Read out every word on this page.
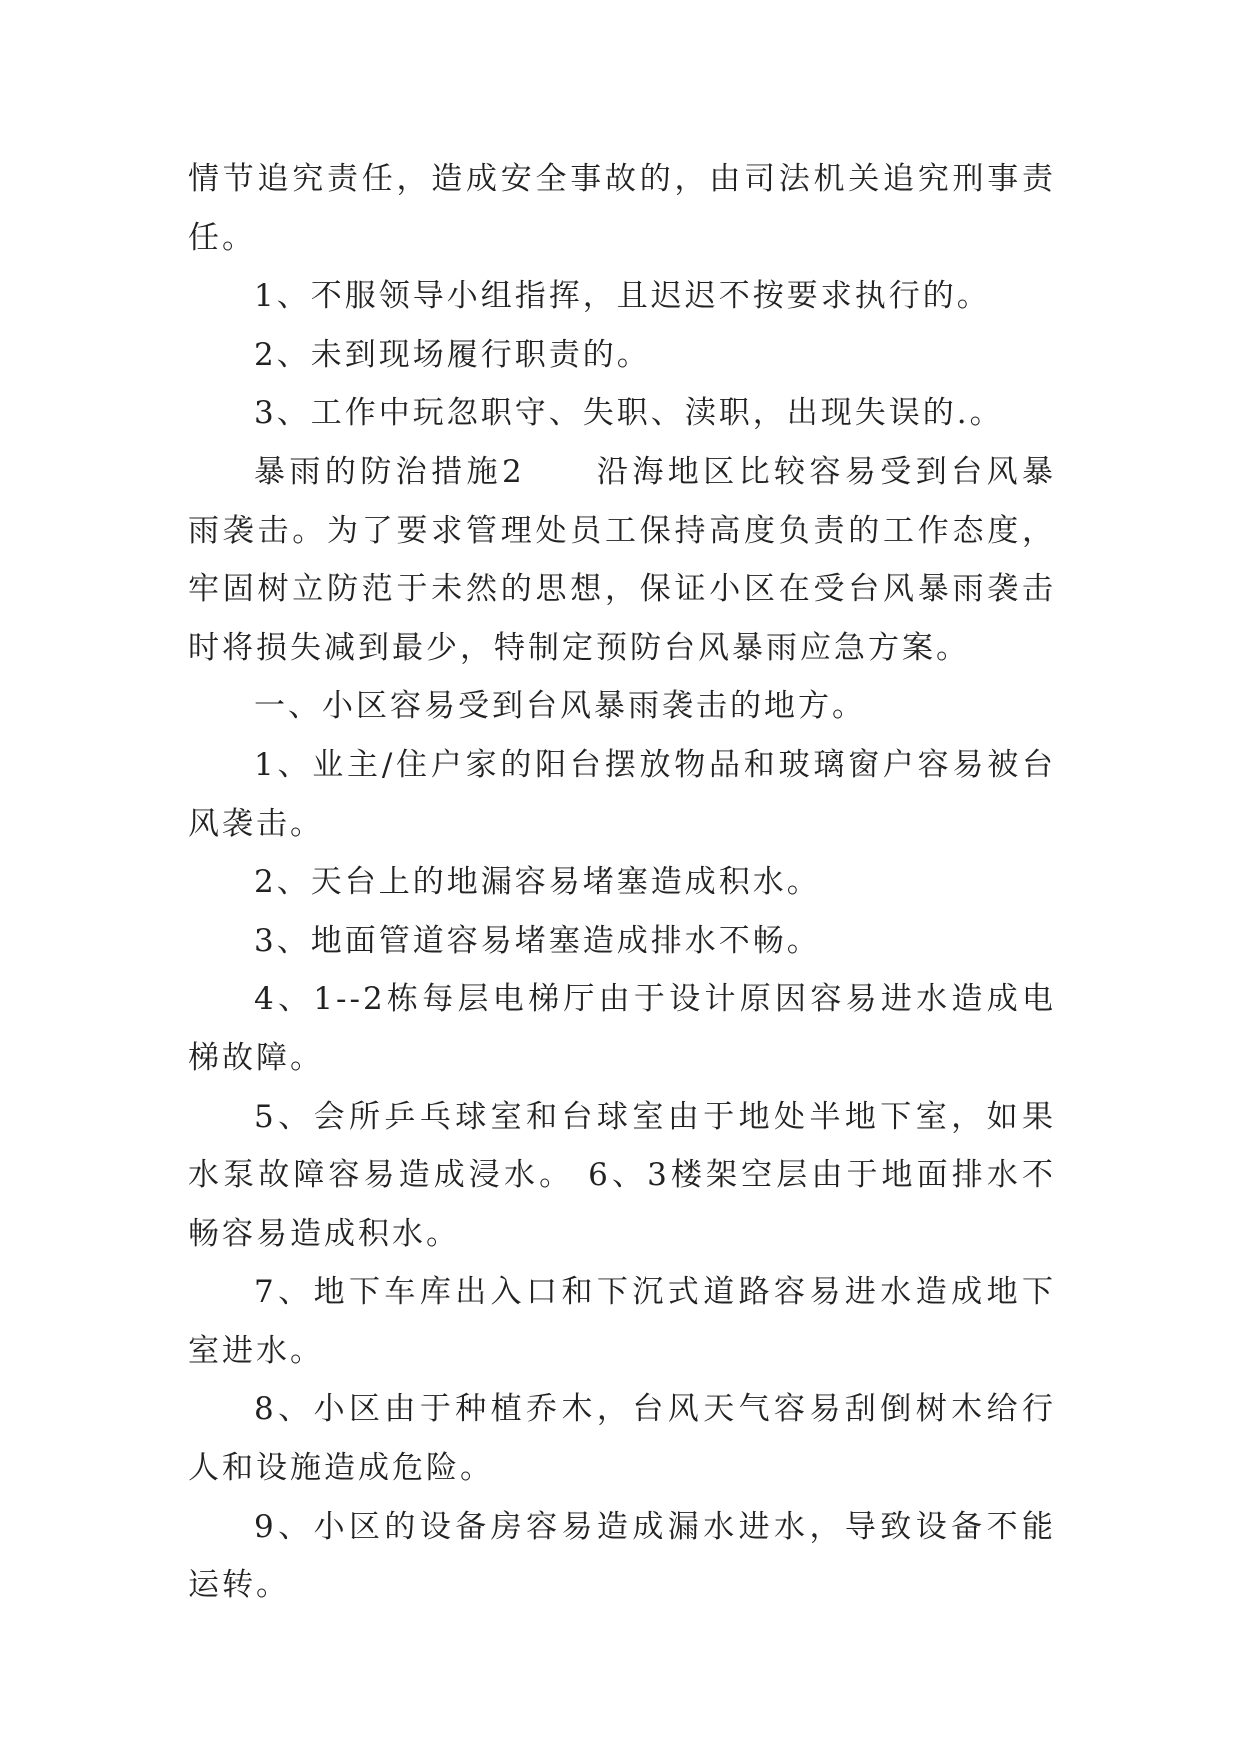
情节追究责任，造成安全事故的，由司法机关追究刑事责任。

1、不服领导小组指挥，且迟迟不按要求执行的。

2、未到现场履行职责的。

3、工作中玩忽职守、失职、渎职，出现失误的.。

暴雨的防治措施2　　沿海地区比较容易受到台风暴雨袭击。为了要求管理处员工保持高度负责的工作态度，牢固树立防范于未然的思想，保证小区在受台风暴雨袭击时将损失减到最少，特制定预防台风暴雨应急方案。

一、小区容易受到台风暴雨袭击的地方。

1、业主/住户家的阳台摆放物品和玻璃窗户容易被台风袭击。

2、天台上的地漏容易堵塞造成积水。

3、地面管道容易堵塞造成排水不畅。

4、1--2栋每层电梯厅由于设计原因容易进水造成电梯故障。

5、会所乒乓球室和台球室由于地处半地下室，如果水泵故障容易造成浸水。 6、3楼架空层由于地面排水不畅容易造成积水。

7、地下车库出入口和下沉式道路容易进水造成地下室进水。

8、小区由于种植乔木，台风天气容易刮倒树木给行人和设施造成危险。

9、小区的设备房容易造成漏水进水，导致设备不能运转。
